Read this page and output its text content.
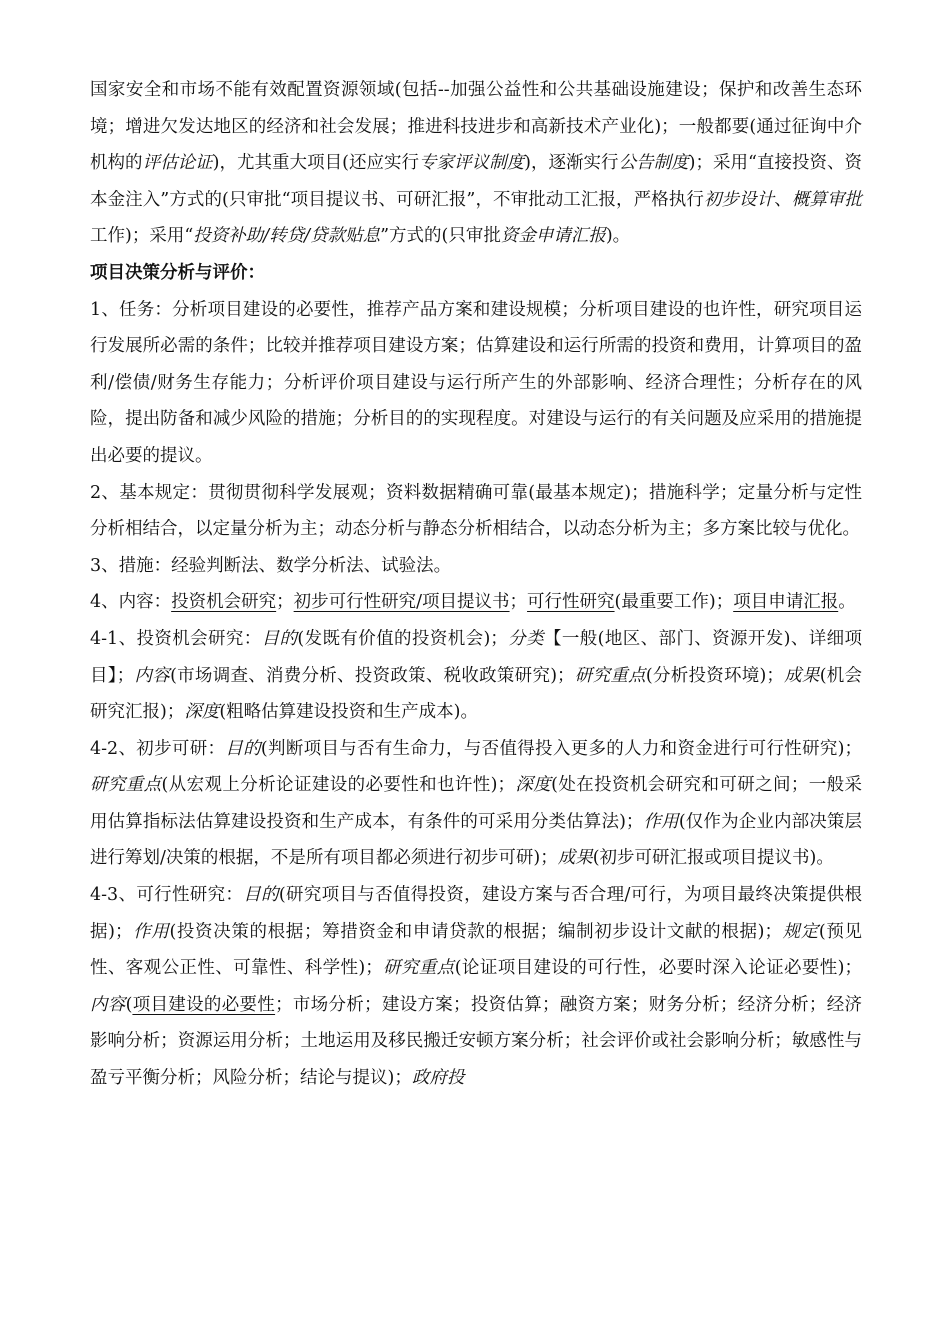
国家安全和市场不能有效配置资源领域(包括--加强公益性和公共基础设施建设；保护和改善生态环境；增进欠发达地区的经济和社会发展；推进科技进步和高新技术产业化)；一般都要(通过征询中介机构的评估论证)，尤其重大项目(还应实行专家评议制度)，逐渐实行公告制度)；采用“直接投资、资本金注入”方式的(只审批“项目提议书、可研汇报”，不审批动工汇报，严格执行初步设计、概算审批工作)；采用“投资补助/转贷/贷款贴息”方式的(只审批资金申请汇报)。

项目决策分析与评价：

1、任务：分析项目建设的必要性，推荐产品方案和建设规模；分析项目建设的也许性，研究项目运行发展所必需的条件；比较并推荐项目建设方案；估算建设和运行所需的投资和费用，计算项目的盈利/偿债/财务生存能力；分析评价项目建设与运行所产生的外部影响、经济合理性；分析存在的风险，提出防备和减少风险的措施；分析目的的实现程度。对建设与运行的有关问题及应采用的措施提出必要的提议。

2、基本规定：贯彻贯彻科学发展观；资料数据精确可靠(最基本规定)；措施科学；定量分析与定性分析相结合，以定量分析为主；动态分析与静态分析相结合，以动态分析为主；多方案比较与优化。

3、措施：经验判断法、数学分析法、试验法。

4、内容：投资机会研究；初步可行性研究/项目提议书；可行性研究(最重要工作)；项目申请汇报。

4-1、投资机会研究：目的(发既有价值的投资机会)；分类【一般(地区、部门、资源开发)、详细项目】；内容(市场调查、消费分析、投资政策、税收政策研究)；研究重点(分析投资环境)；成果(机会研究汇报)；深度(粗略估算建设投资和生产成本)。

4-2、初步可研：目的(判断项目与否有生命力，与否值得投入更多的人力和资金进行可行性研究)；研究重点(从宏观上分析论证建设的必要性和也许性)；深度(处在投资机会研究和可研之间；一般采用估算指标法估算建设投资和生产成本，有条件的可采用分类估算法)；作用(仅作为企业内部决策层进行筹划/决策的根据，不是所有项目都必须进行初步可研)；成果(初步可研汇报或项目提议书)。

4-3、可行性研究：目的(研究项目与否值得投资，建设方案与否合理/可行，为项目最终决策提供根据)；作用(投资决策的根据；筹措资金和申请贷款的根据；编制初步设计文献的根据)；规定(预见性、客观公正性、可靠性、科学性)；研究重点(论证项目建设的可行性，必要时深入论证必要性)；内容(项目建设的必要性；市场分析；建设方案；投资估算；融资方案；财务分析；经济分析；经济影响分析；资源运用分析；土地运用及移民搬迁安顿方案分析；社会评价或社会影响分析；敏感性与盈亏平衡分析；风险分析；结论与提议)；政府投
